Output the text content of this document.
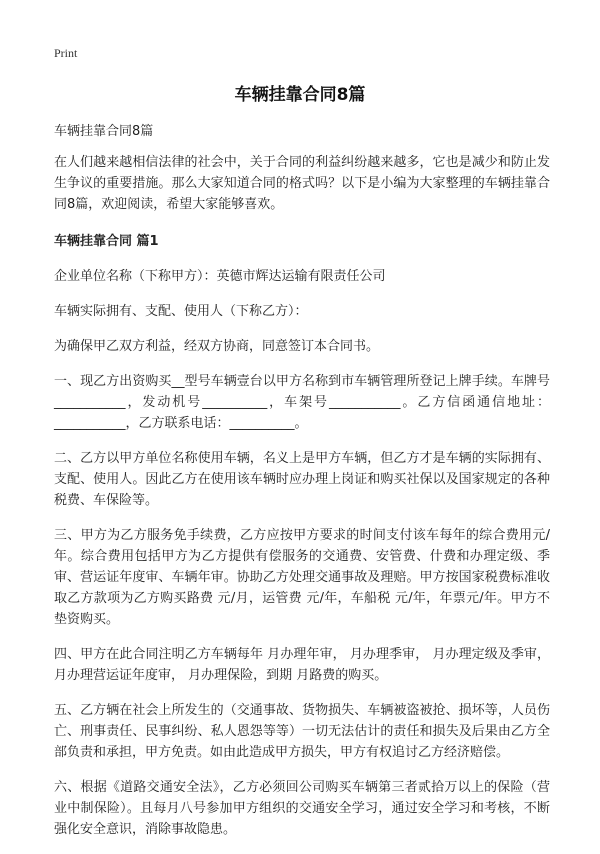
Print
车辆挂靠合同8篇

车辆挂靠合同8篇

在人们越来越相信法律的社会中，关于合同的利益纠纷越来越多，它也是减少和防止发生争议的重要措施。那么大家知道合同的格式吗？以下是小编为大家整理的车辆挂靠合同8篇，欢迎阅读，希望大家能够喜欢。

车辆挂靠合同 篇1

企业单位名称（下称甲方）：英德市辉达运输有限责任公司

车辆实际拥有、支配、使用人（下称乙方）：

为确保甲乙双方利益，经双方协商，同意签订本合同书。

一、现乙方出资购买__型号车辆壹台以甲方名称到市车辆管理所登记上牌手续。车牌号___________，发动机号__________，车架号___________。乙方信函通信地址：___________，乙方联系电话：__________。

二、乙方以甲方单位名称使用车辆，名义上是甲方车辆，但乙方才是车辆的实际拥有、支配、使用人。因此乙方在使用该车辆时应办理上岗证和购买社保以及国家规定的各种税费、车保险等。

三、甲方为乙方服务免手续费，乙方应按甲方要求的时间支付该车每年的综合费用元/年。综合费用包括甲方为乙方提供有偿服务的交通费、安管费、什费和办理定级、季审、营运证年度审、车辆年审。协助乙方处理交通事故及理赔。甲方按国家税费标准收取乙方款项为乙方购买路费 元/月，运管费 元/年，车船税 元/年，年票元/年。甲方不垫资购买。

四、甲方在此合同注明乙方车辆每年 月办理年审， 月办理季审， 月办理定级及季审， 月办理营运证年度审， 月办理保险，到期 月路费的购买。

五、乙方辆在社会上所发生的（交通事故、货物损失、车辆被盗被抢、损坏等，人员伤亡、刑事责任、民事纠纷、私人恩怨等等）一切无法估计的责任和损失及后果由乙方全部负责和承担，甲方免责。如由此造成甲方损失，甲方有权追讨乙方经济赔偿。

六、根据《道路交通安全法》，乙方必须回公司购买车辆第三者贰拾万以上的保险（营业中制保险）。且每月八号参加甲方组织的交通安全学习，通过安全学习和考核，不断强化安全意识，消除事故隐患。
